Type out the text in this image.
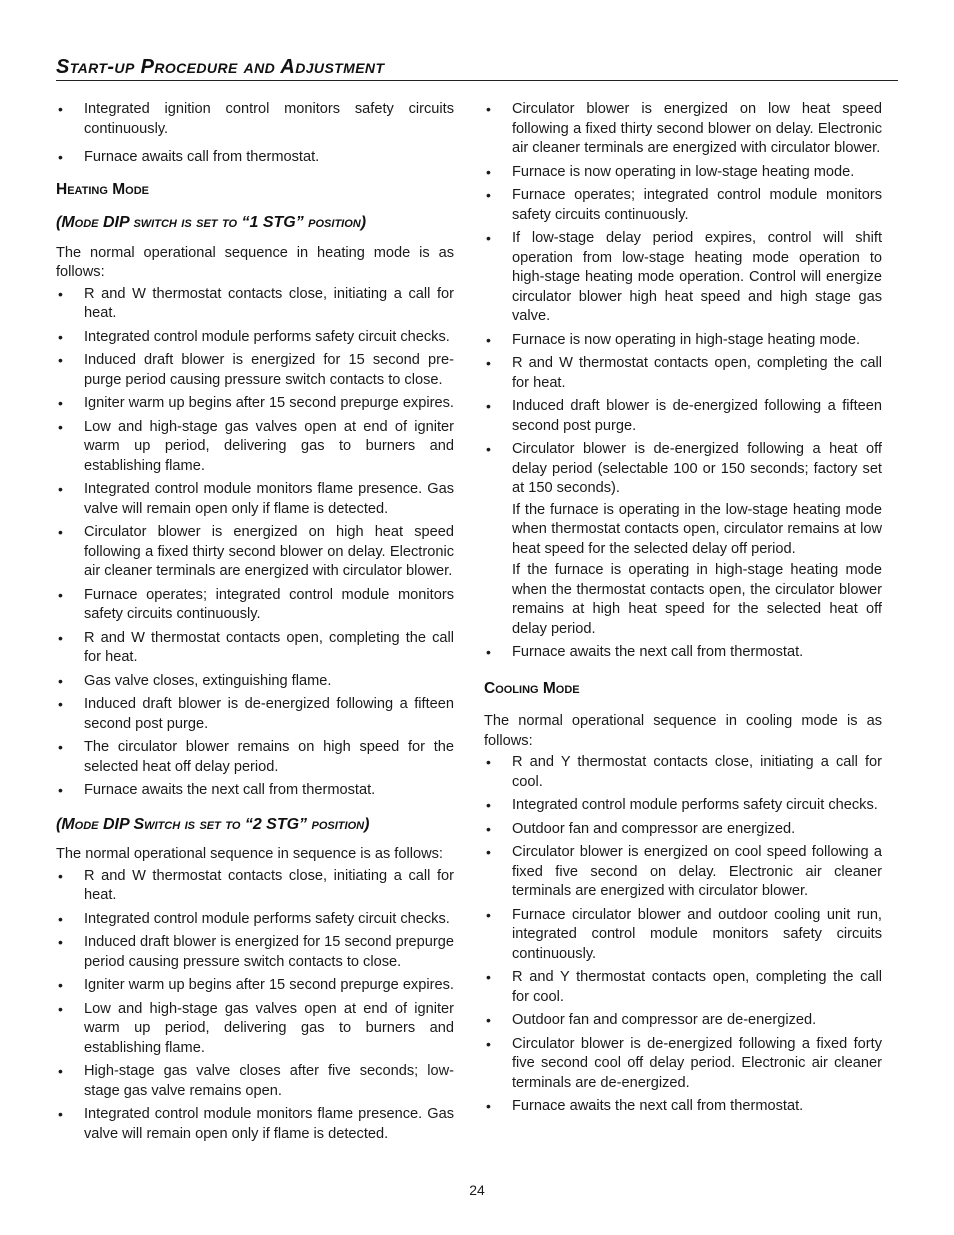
Start-up Procedure and Adjustment
• Integrated ignition control monitors safety circuits continuously.
• Furnace awaits call from thermostat.
Heating Mode
(Mode DIP switch is set to “1 STG” position)

The normal operational sequence in heating mode is as follows:

• R and W thermostat contacts close, initiating a call for heat.
• Integrated control module performs safety circuit checks.
• Induced draft blower is energized for 15 second pre-purge period causing pressure switch contacts to close.
• Igniter warm up begins after 15 second prepurge expires.
• Low and high-stage gas valves open at end of igniter warm up period, delivering gas to burners and establishing flame.
• Integrated control module monitors flame presence. Gas valve will remain open only if flame is detected.
• Circulator blower is energized on high heat speed following a fixed thirty second blower on delay. Electronic air cleaner terminals are energized with circulator blower.
• Furnace operates; integrated control module monitors safety circuits continuously.
• R and W thermostat contacts open, completing the call for heat.
• Gas valve closes, extinguishing flame.
• Induced draft blower is de-energized following a fifteen second post purge.
• The circulator blower remains on high speed for the selected heat off delay period.
• Furnace awaits the next call from thermostat.
(Mode DIP Switch is set to “2 STG” position)

The normal operational sequence in sequence is as follows:

• R and W thermostat contacts close, initiating a call for heat.
• Integrated control module performs safety circuit checks.
• Induced draft blower is energized for 15 second prepurge period causing pressure switch contacts to close.
• Igniter warm up begins after 15 second prepurge expires.
• Low and high-stage gas valves open at end of igniter warm up period, delivering gas to burners and establishing flame.
• High-stage gas valve closes after five seconds; low-stage gas valve remains open.
• Integrated control module monitors flame presence. Gas valve will remain open only if flame is detected.
• Circulator blower is energized on low heat speed following a fixed thirty second blower on delay. Electronic air cleaner terminals are energized with circulator blower.
• Furnace is now operating in low-stage heating mode.
• Furnace operates; integrated control module monitors safety circuits continuously.
• If low-stage delay period expires, control will shift operation from low-stage heating mode operation to high-stage heating mode operation. Control will energize circulator blower high heat speed and high stage gas valve.
• Furnace is now operating in high-stage heating mode.
• R and W thermostat contacts open, completing the call for heat.
• Induced draft blower is de-energized following a fifteen second post purge.
• Circulator blower is de-energized following a heat off delay period (selectable 100 or 150 seconds; factory set at 150 seconds).

If the furnace is operating in the low-stage heating mode when thermostat contacts open, circulator remains at low heat speed for the selected delay off period.

If the furnace is operating in high-stage heating mode when the thermostat contacts open, the circulator blower remains at high heat speed for the selected heat off delay period.

• Furnace awaits the next call from thermostat.
Cooling Mode

The normal operational sequence in cooling mode is as follows:

• R and Y thermostat contacts close, initiating a call for cool.
• Integrated control module performs safety circuit checks.
• Outdoor fan and compressor are energized.
• Circulator blower is energized on cool speed following a fixed five second on delay. Electronic air cleaner terminals are energized with circulator blower.
• Furnace circulator blower and outdoor cooling unit run, integrated control module monitors safety circuits continuously.
• R and Y thermostat contacts open, completing the call for cool.
• Outdoor fan and compressor are de-energized.
• Circulator blower is de-energized following a fixed forty five second cool off delay period. Electronic air cleaner terminals are de-energized.
• Furnace awaits the next call from thermostat.
24
